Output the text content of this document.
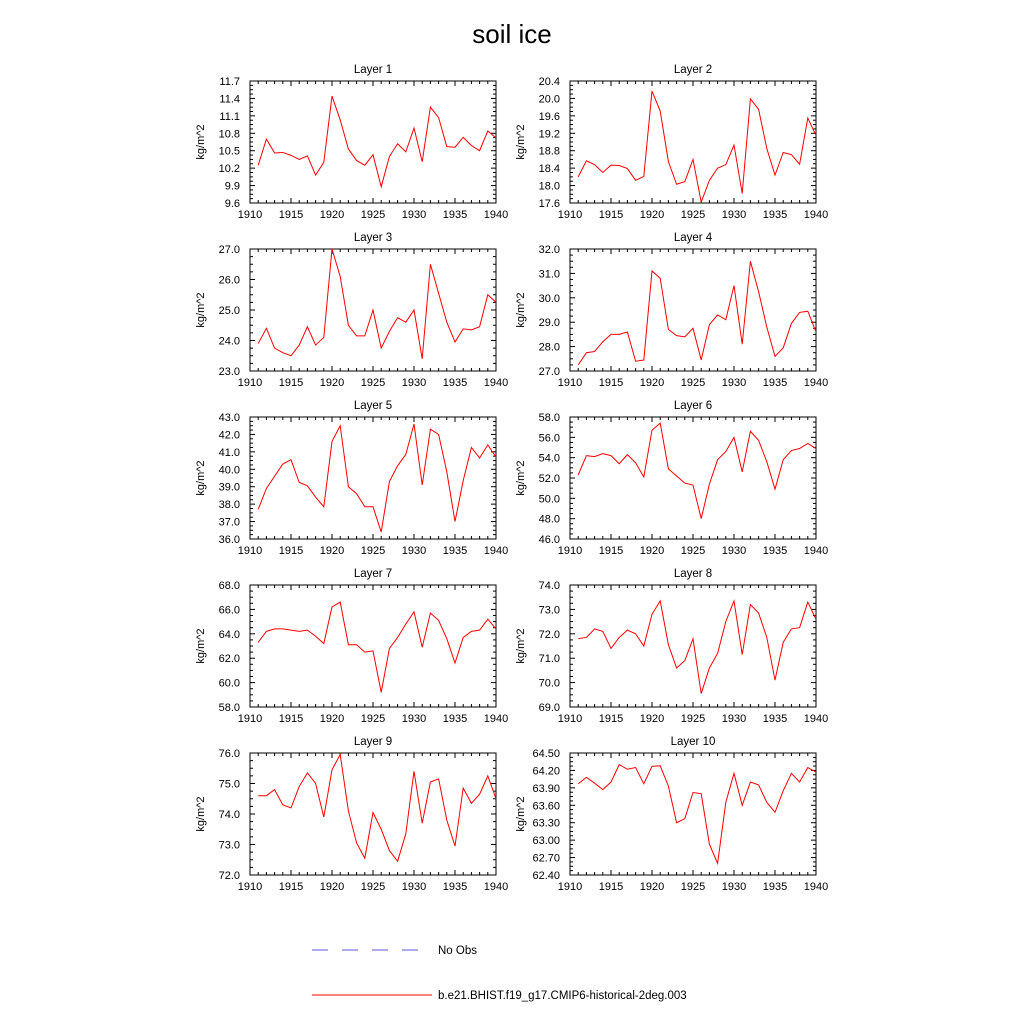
soil ice
Layer 1
kg/m^2
1910 1915 1920 1925 1930 1935 1940
9.6
9.9
10.2
10.5
10.8
11.1
11.4
11.7
Layer 2
kg/m^2
1910 1915 1920 1925 1930 1935 1940
17.6
18.0
18.4
18.8
19.2
19.6
20.0
20.4
Layer 3
kg/m^2
1910 1915 1920 1925 1930 1935 1940
23.0
24.0
25.0
26.0
27.0
Layer 4
kg/m^2
1910 1915 1920 1925 1930 1935 1940
27.0
28.0
29.0
30.0
31.0
32.0
Layer 5
kg/m^2
1910 1915 1920 1925 1930 1935 1940
36.0
37.0
38.0
39.0
40.0
41.0
42.0
43.0
Layer 6
kg/m^2
1910 1915 1920 1925 1930 1935 1940
46.0
48.0
50.0
52.0
54.0
56.0
58.0
Layer 7
kg/m^2
1910 1915 1920 1925 1930 1935 1940
58.0
60.0
62.0
64.0
66.0
68.0
Layer 8
kg/m^2
1910 1915 1920 1925 1930 1935 1940
69.0
70.0
71.0
72.0
73.0
74.0
Layer 9
kg/m^2
1910 1915 1920 1925 1930 1935 1940
72.0
73.0
74.0
75.0
76.0
Layer 10
kg/m^2
1910 1915 1920 1925 1930 1935 1940
62.40
62.70
63.00
63.30
63.60
63.90
64.20
64.50
No Obs
b.e21.BHIST.f19_g17.CMIP6-historical-2deg.003
